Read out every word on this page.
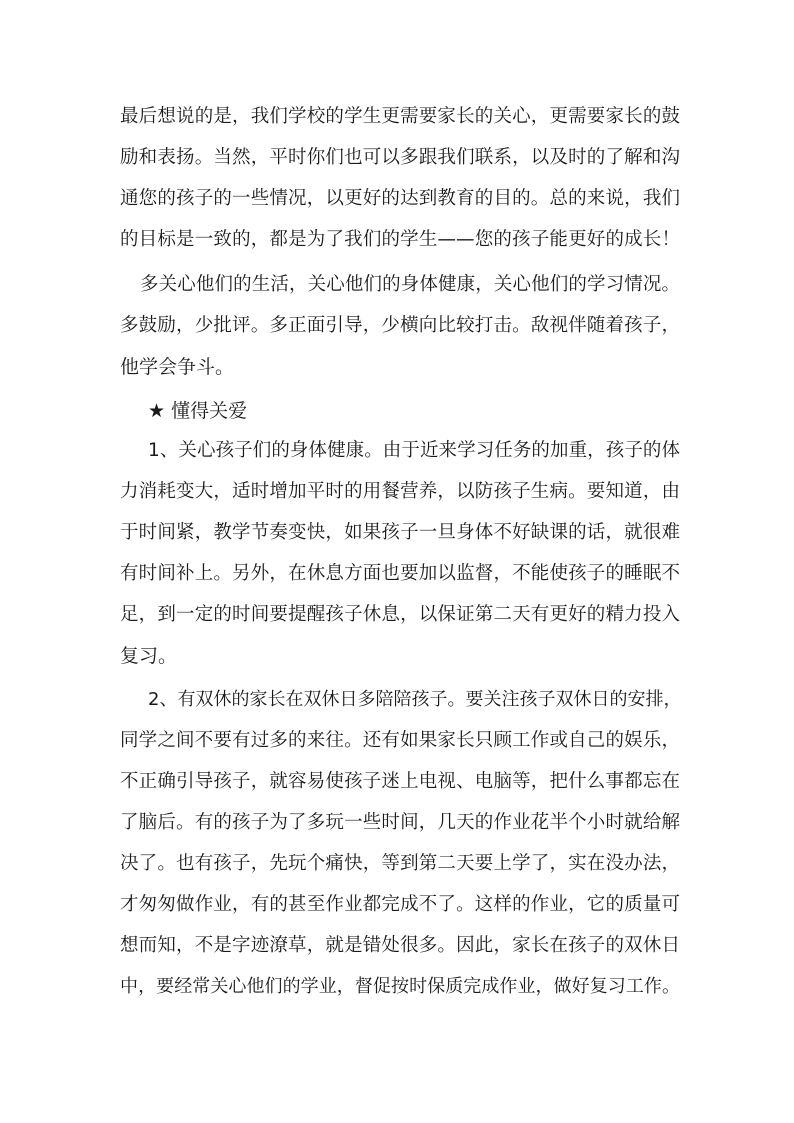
最后想说的是，我们学校的学生更需要家长的关心，更需要家长的鼓
励和表扬。当然，平时你们也可以多跟我们联系，以及时的了解和沟
通您的孩子的一些情况，以更好的达到教育的目的。总的来说，我们
的目标是一致的，都是为了我们的学生——您的孩子能更好的成长！
多关心他们的生活，关心他们的身体健康，关心他们的学习情况。
多鼓励，少批评。多正面引导，少横向比较打击。敌视伴随着孩子，
他学会争斗。
★ 懂得关爱
1、关心孩子们的身体健康。由于近来学习任务的加重，孩子的体
力消耗变大，适时增加平时的用餐营养，以防孩子生病。要知道，由
于时间紧，教学节奏变快，如果孩子一旦身体不好缺课的话，就很难
有时间补上。另外，在休息方面也要加以监督，不能使孩子的睡眠不
足，到一定的时间要提醒孩子休息，以保证第二天有更好的精力投入
复习。
2、有双休的家长在双休日多陪陪孩子。要关注孩子双休日的安排，
同学之间不要有过多的来往。还有如果家长只顾工作或自己的娱乐，
不正确引导孩子，就容易使孩子迷上电视、电脑等，把什么事都忘在
了脑后。有的孩子为了多玩一些时间，几天的作业花半个小时就给解
决了。也有孩子，先玩个痛快，等到第二天要上学了，实在没办法，
才匆匆做作业，有的甚至作业都完成不了。这样的作业，它的质量可
想而知，不是字迹潦草，就是错处很多。因此，家长在孩子的双休日
中，要经常关心他们的学业，督促按时保质完成作业，做好复习工作。
